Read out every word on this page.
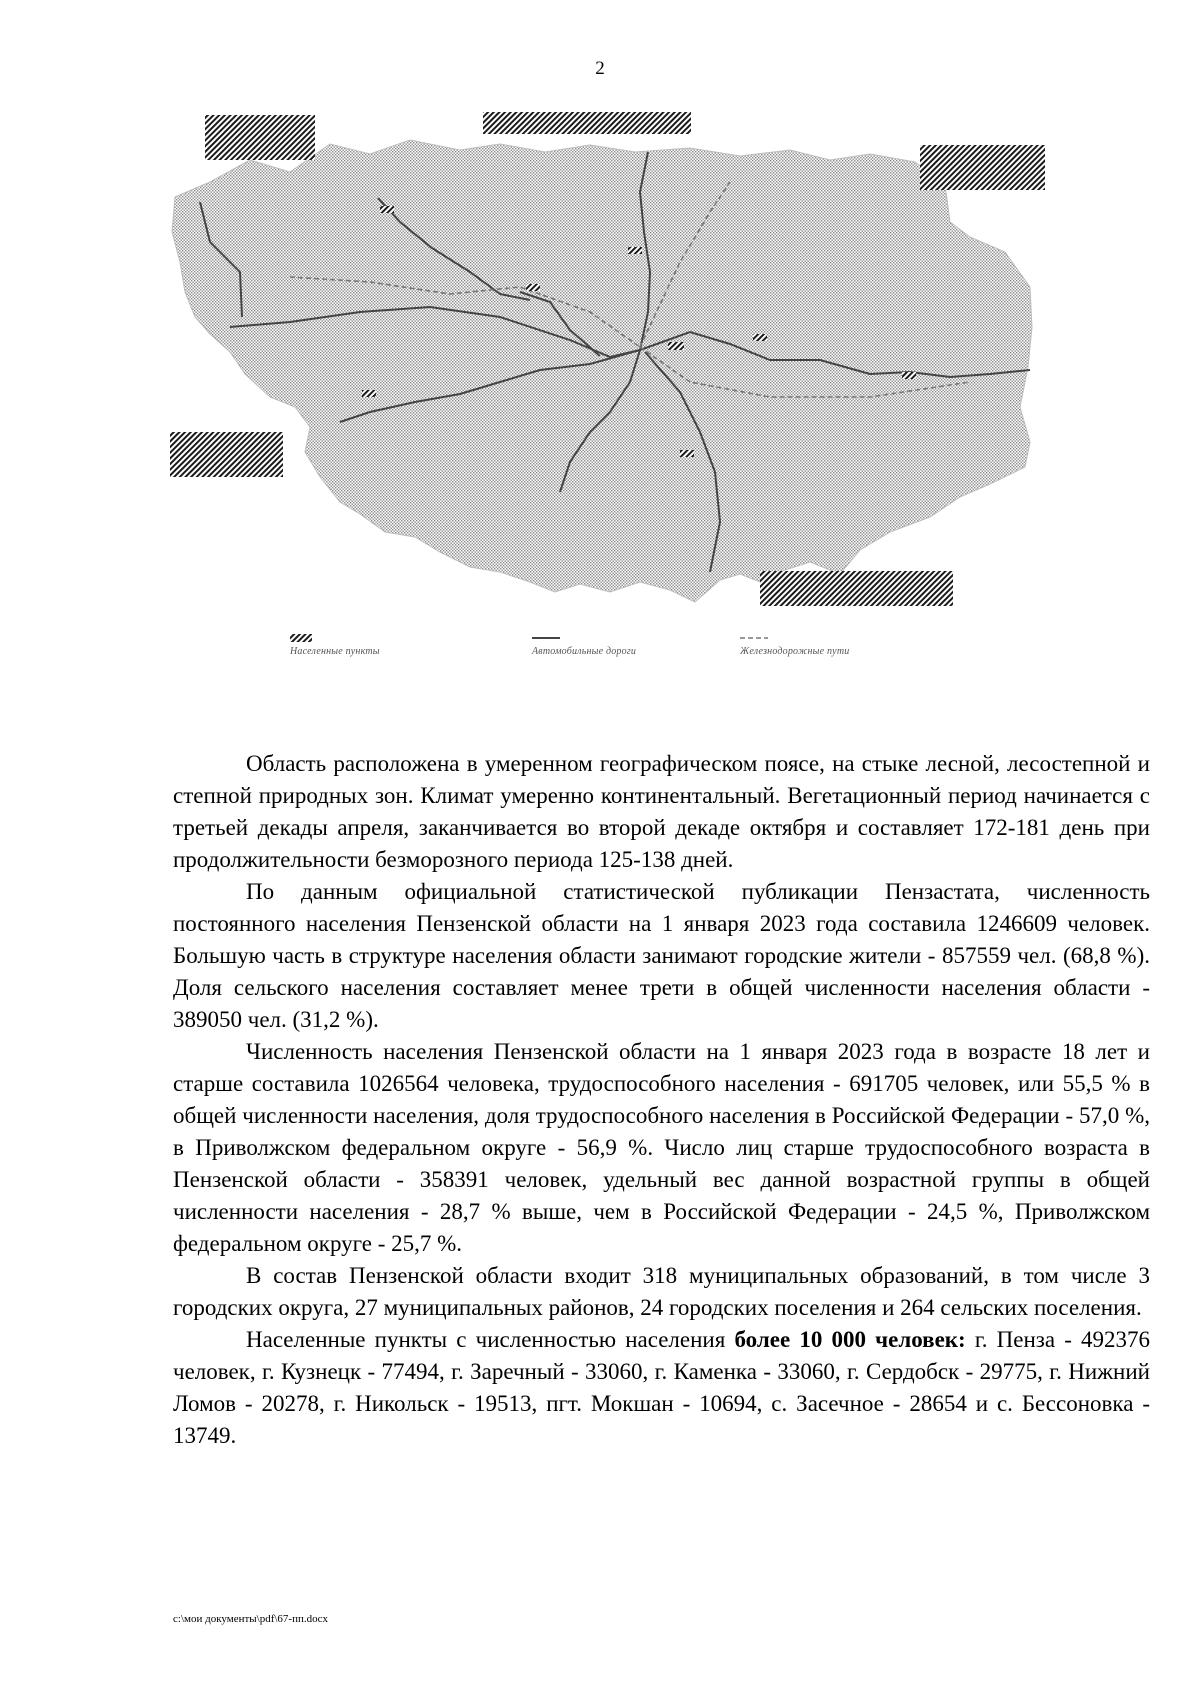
2
Населенные пункты	Автомобильные дороги	Железнодорожные пути

Область расположена в умеренном географическом поясе, на стыке лесной, лесостепной и степной природных зон. Климат умеренно континентальный. Вегетационный период начинается с третьей декады апреля, заканчивается во второй декаде октября и составляет 172-181 день при продолжительности безморозного периода 125-138 дней.

По данным официальной статистической публикации Пензастата, численность постоянного населения Пензенской области на 1 января 2023 года составила 1246609 человек. Большую часть в структуре населения области занимают городские жители - 857559 чел. (68,8 %). Доля сельского населения составляет менее трети в общей численности населения области - 389050 чел. (31,2 %).

Численность населения Пензенской области на 1 января 2023 года в возрасте 18 лет и старше составила 1026564 человека, трудоспособного населения - 691705 человек, или 55,5 % в общей численности населения, доля трудоспособного населения в Российской Федерации - 57,0 %, в Приволжском федеральном округе - 56,9 %. Число лиц старше трудоспособного возраста в Пензенской области - 358391 человек, удельный вес данной возрастной группы в общей численности населения - 28,7 % выше, чем в Российской Федерации - 24,5 %, Приволжском федеральном округе - 25,7 %.

В состав Пензенской области входит 318 муниципальных образований, в том числе 3 городских округа, 27 муниципальных районов, 24 городских поселения и 264 сельских поселения.

Населенные пункты с численностью населения более 10 000 человек: г. Пенза - 492376 человек, г. Кузнецк - 77494, г. Заречный - 33060, г. Каменка - 33060, г. Сердобск - 29775, г. Нижний Ломов - 20278, г. Никольск - 19513, пгт. Мокшан - 10694, с. Засечное - 28654 и с. Бессоновка - 13749.

c:\мои документы\pdf\67-пп.docx
